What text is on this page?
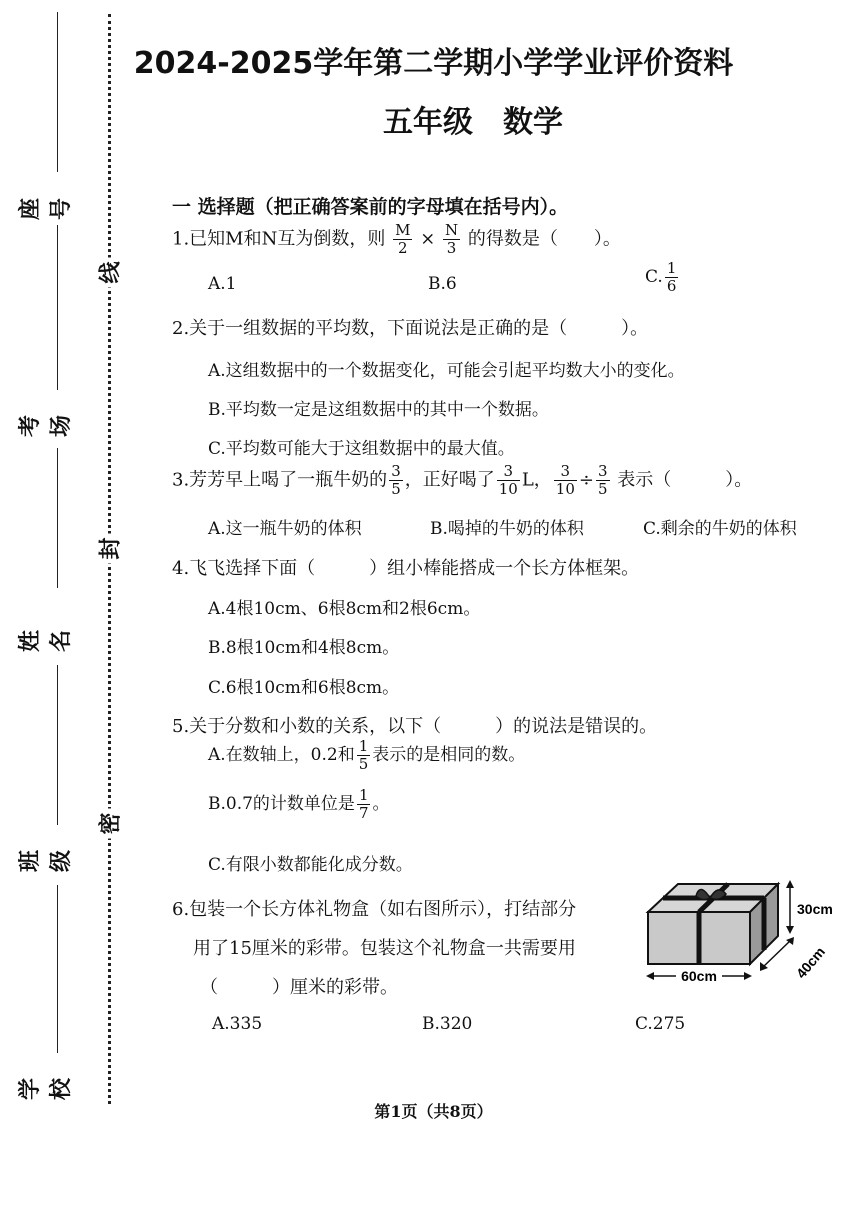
座号
考场
姓名
班级
学校
线
封
密
2024-2025学年第二学期小学学业评价资料
五年级 数学
一 选择题（把正确答案前的字母填在括号内）。
1.已知M和N互为倒数，则 $\frac{M}{2} \times \frac{N}{3}$ 的得数是（　　）。
A.1	B.6	C. $\frac{1}{6}$
2.关于一组数据的平均数，下面说法是正确的是（　　　）。
A.这组数据中的一个数据变化，可能会引起平均数大小的变化。
B.平均数一定是这组数据中的其中一个数据。
C.平均数可能大于这组数据中的最大值。
3.芳芳早上喝了一瓶牛奶的 $\frac{3}{5}$ ，正好喝了 $\frac{3}{10}$ L， $\frac{3}{10} \div \frac{3}{5}$ 表示（　　　）。
A.这一瓶牛奶的体积	B.喝掉的牛奶的体积	C.剩余的牛奶的体积
4.飞飞选择下面（　　　）组小棒能搭成一个长方体框架。
A.4根10cm、6根8cm和2根6cm。
B.8根10cm和4根8cm。
C.6根10cm和6根8cm。
5.关于分数和小数的关系，以下（　　　）的说法是错误的。
A.在数轴上，0.2和 $\frac{1}{5}$ 表示的是相同的数。
B.0.7的计数单位是 $\frac{1}{7}$ 。
C.有限小数都能化成分数。
6.包装一个长方体礼物盒（如右图所示），打结部分
用了15厘米的彩带。包装这个礼物盒一共需要用
（　　　）厘米的彩带。
A.335	B.320	C.275
60cm
30cm
40cm
第1页（共8页）
